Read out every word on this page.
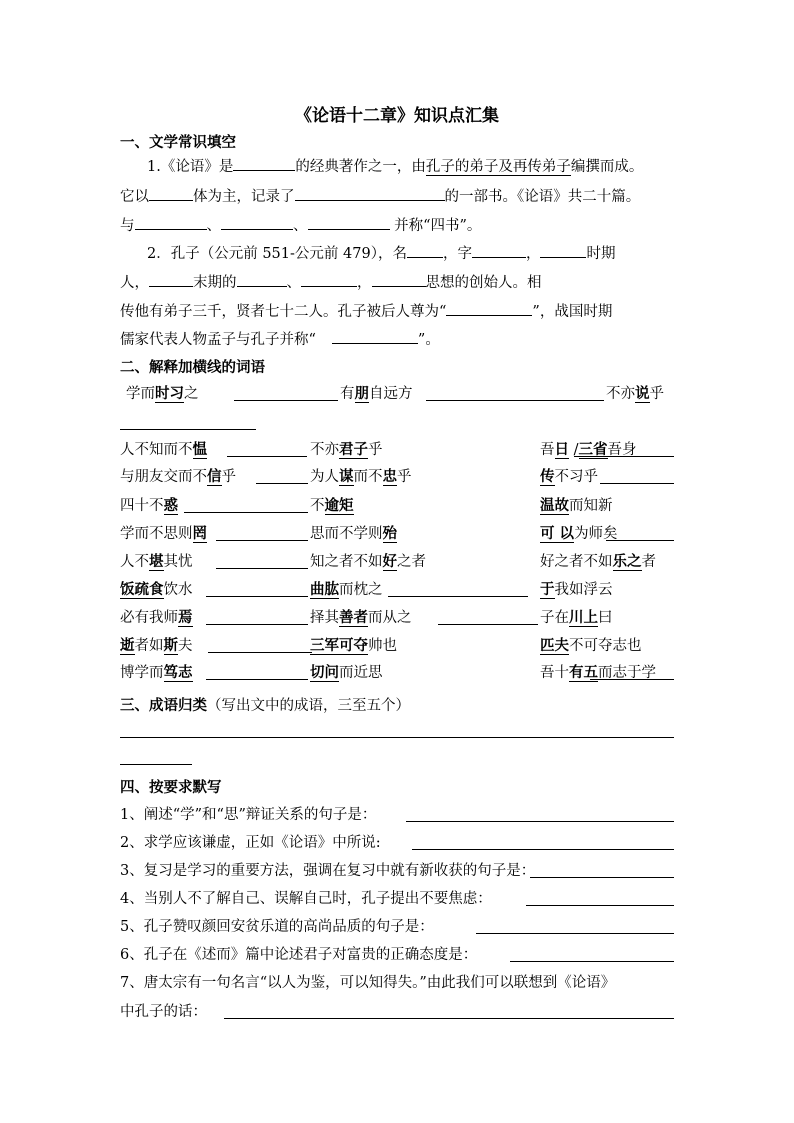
《论语十二章》知识点汇集
一、文学常识填空
1.《论语》是	的经典著作之一，由孔子的弟子及再传弟子编撰而成。
它以	体为主，记录了	的一部书。《论语》共二十篇。
与	、	、	并称“四书”。
2．孔子（公元前 551-公元前 479），名 ，字	，	时期
人，	末期的	、	，	思想的创始人。相
传他有弟子三千，贤者七十二人。孔子被后人尊为“	”，战国时期
儒家代表人物孟子与孔子并称“	”。
二、解释加横线的词语
学而时习之	有朋自远方	不亦说乎
人不知而不愠	不亦君子乎	吾日 /三省吾身
与朋友交而不信乎	为人谋而不忠乎	传不习乎
四十不惑	不逾矩	温故而知新
学而不思则罔	思而不学则殆	可 以为师矣
人不堪其忧	知之者不如好之者	好之者不如乐之者
饭疏食饮水	曲肱而枕之	于我如浮云
必有我师焉	择其善者而从之	子在川上曰
逝者如斯夫	三军可夺帅也	匹夫不可夺志也
博学而笃志	切问而近思	吾十有五而志于学
三、成语归类（写出文中的成语，三至五个）
四、按要求默写
1、阐述“学”和“思”辩证关系的句子是：
2、求学应该谦虚，正如《论语》中所说:
3、复习是学习的重要方法，强调在复习中就有新收获的句子是：
4、当别人不了解自己、误解自己时，孔子提出不要焦虑：
5、孔子赞叹颜回安贫乐道的高尚品质的句子是：
6、孔子在《述而》篇中论述君子对富贵的正确态度是：
7、唐太宗有一句名言“以人为鉴，可以知得失。”由此我们可以联想到《论语》
中孔子的话：
